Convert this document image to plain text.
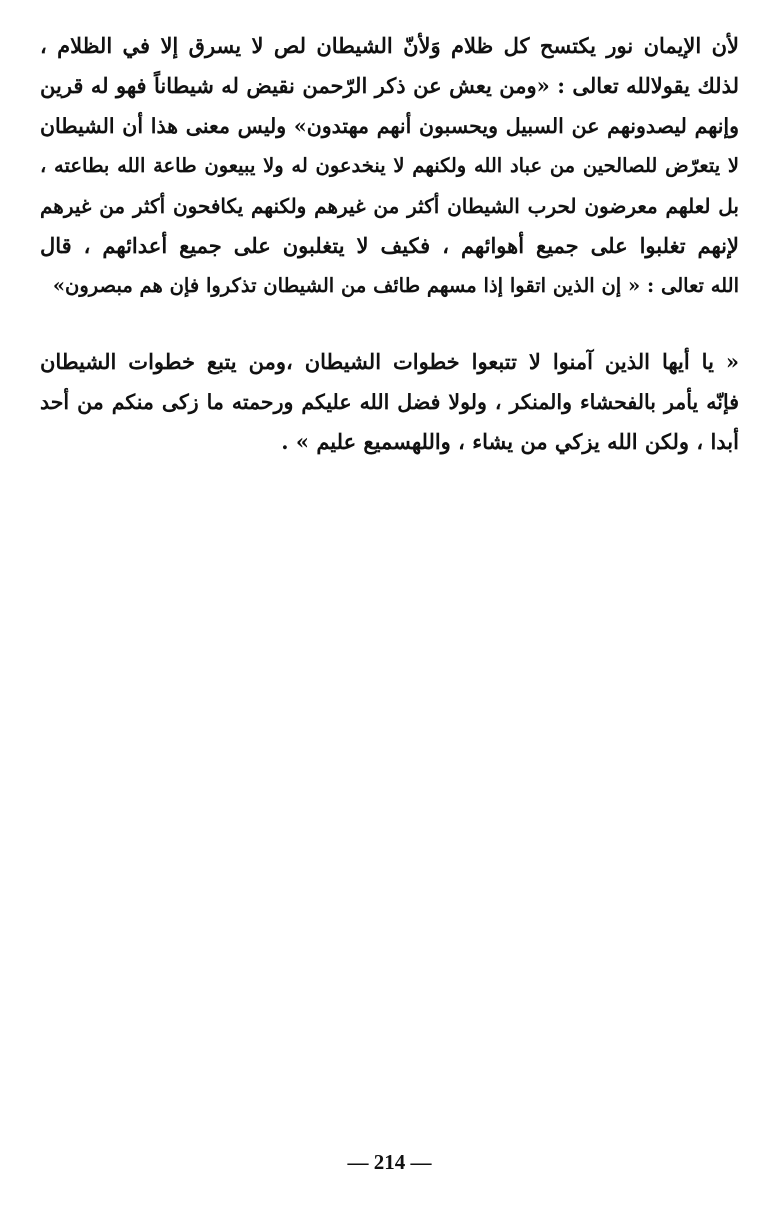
لأن الإيمان نور يكتسح كل ظلام وَلأنّ الشيطان لص لا يسرق إلا في الظلام ،
لذلك يقولالله تعالى : «ومن يعش عن ذكر الرّحمن نقيض له شيطاناً فهو له قرين
وإنهم ليصدونهم عن السبيل ويحسبون أنهم مهتدون» وليس معنى هذا أن الشيطان
لا يتعرّض للصالحين من عباد الله ولكنهم لا ينخدعون له ولا يبيعون طاعة الله بطاعته ،
بل لعلهم معرضون لحرب الشيطان أكثر من غيرهم ولكنهم يكافحون أكثر من غيرهم
لإنهم تغلبوا على جميع أهوائهم ، فكيف لا يتغلبون على جميع أعدائهم ، قال
الله تعالى : « إن الذين اتقوا إذا مسهم طائف من الشيطان تذكروا فإن هم مبصرون»
« يا أيها الذين آمنوا لا تتبعوا خطوات الشيطان ،ومن يتبع خطوات الشيطان
فإنّه يأمر بالفحشاء والمنكر ، ولولا فضل الله عليكم ورحمته ما زكى منكم من أحد
أبدا ، ولكن الله يزكي من يشاء ، واللهسميع عليم » .
— 214 —
